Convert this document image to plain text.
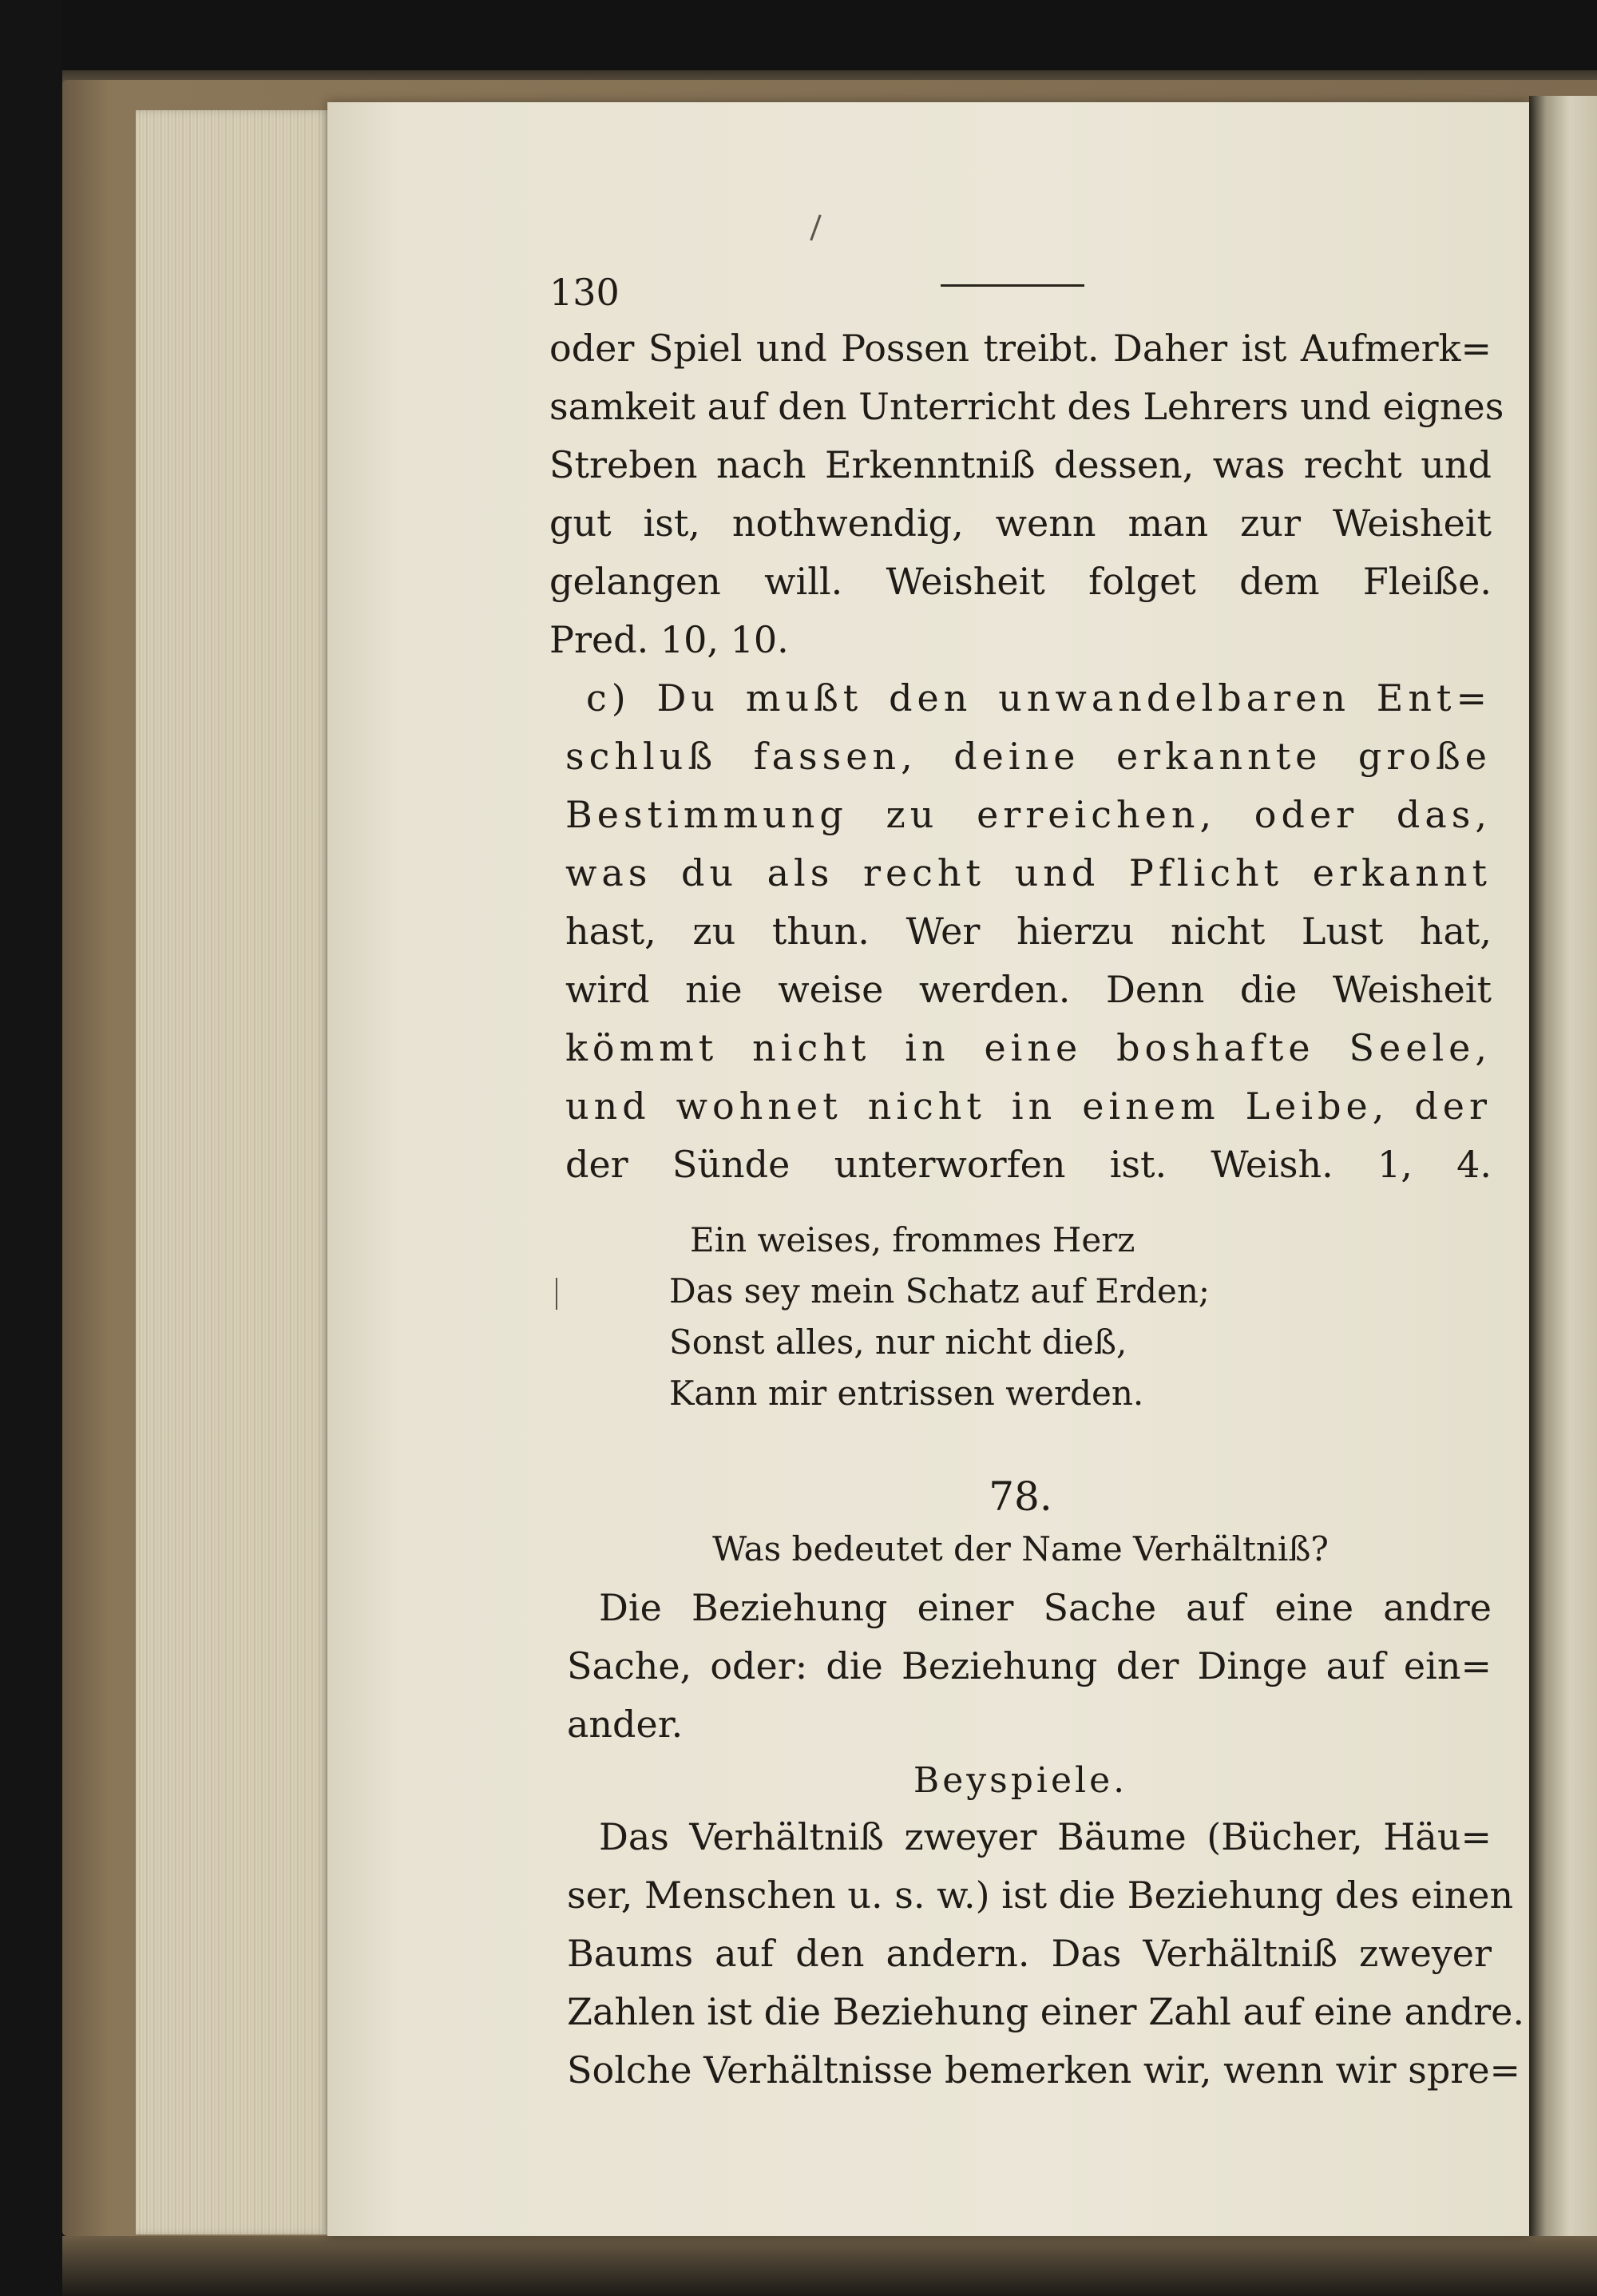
130
oder Spiel und Possen treibt. Daher ist Aufmerk=
samkeit auf den Unterricht des Lehrers und eignes
Streben nach Erkenntniß dessen, was recht und
gut ist, nothwendig, wenn man zur Weisheit
gelangen will. Weisheit folget dem Fleiße.
Pred. 10, 10.
c) Du mußt den unwandelbaren Ent=
schluß fassen, deine erkannte große
Bestimmung zu erreichen, oder das,
was du als recht und Pflicht erkannt
hast, zu thun. Wer hierzu nicht Lust hat,
wird nie weise werden. Denn die Weisheit
kömmt nicht in eine boshafte Seele,
und wohnet nicht in einem Leibe, der
der Sünde unterworfen ist. Weish. 1, 4.
Ein weises, frommes Herz
Das sey mein Schatz auf Erden;
Sonst alles, nur nicht dieß,
Kann mir entrissen werden.
78.
Was bedeutet der Name Verhältniß?
Die Beziehung einer Sache auf eine andre
Sache, oder: die Beziehung der Dinge auf ein=
ander.
Beyspiele.
Das Verhältniß zweyer Bäume (Bücher, Häu=
ser, Menschen u. s. w.) ist die Beziehung des einen
Baums auf den andern. Das Verhältniß zweyer
Zahlen ist die Beziehung einer Zahl auf eine andre.
Solche Verhältnisse bemerken wir, wenn wir spre=
